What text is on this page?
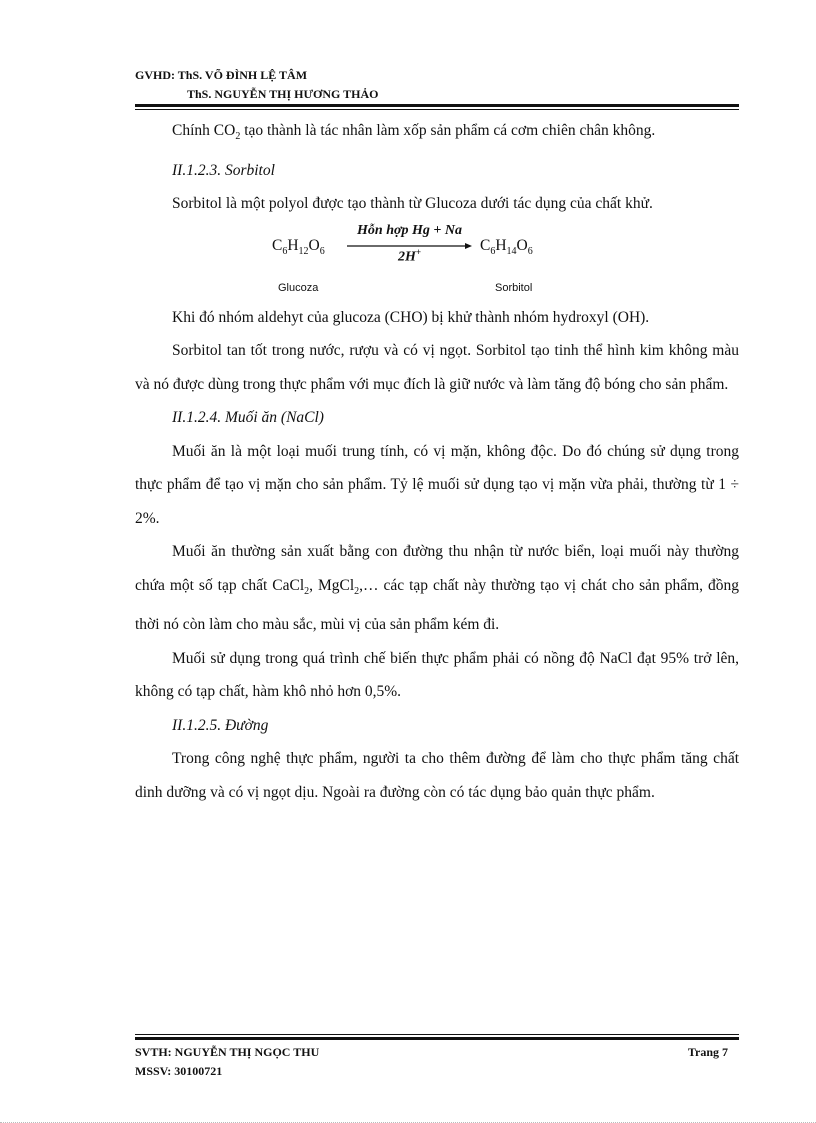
GVHD: ThS. VÕ ĐÌNH LỆ TÂM
ThS. NGUYỄN THỊ HƯƠNG THẢO

Chính $CO_2$ tạo thành là tác nhân làm xốp sản phẩm cá cơm chiên chân không.

II.1.2.3. Sorbitol

Sorbitol là một polyol được tạo thành từ Glucoza dưới tác dụng của chất khử.

$C_6H_{12}O_6$
Hỗn hợp Hg + Na
2H+	$C_6H_{14}O_6$
Glucoza	Sorbitol

Khi đó nhóm aldehyt của glucoza (CHO) bị khử thành nhóm hydroxyl (OH).

Sorbitol tan tốt trong nước, rượu và có vị ngọt. Sorbitol tạo tinh thể hình kim không màu và nó được dùng trong thực phẩm với mục đích là giữ nước và làm tăng độ bóng cho sản phẩm.

II.1.2.4. Muối ăn (NaCl)

Muối ăn là một loại muối trung tính, có vị mặn, không độc. Do đó chúng sử dụng trong thực phẩm để tạo vị mặn cho sản phẩm. Tỷ lệ muối sử dụng tạo vị mặn vừa phải, thường từ 1 ÷ 2%.

Muối ăn thường sản xuất bằng con đường thu nhận từ nước biển, loại muối này thường chứa một số tạp chất CaCl$_2$, MgCl$_2$,… các tạp chất này thường tạo vị chát cho sản phẩm, đồng thời nó còn làm cho màu sắc, mùi vị của sản phẩm kém đi.

Muối sử dụng trong quá trình chế biến thực phẩm phải có nồng độ NaCl đạt 95% trở lên, không có tạp chất, hàm khô nhỏ hơn 0,5%.

II.1.2.5. Đường

Trong công nghệ thực phẩm, người ta cho thêm đường để làm cho thực phẩm tăng chất dinh dưỡng và có vị ngọt dịu. Ngoài ra đường còn có tác dụng bảo quản thực phẩm.

SVTH: NGUYỄN THỊ NGỌC THU
MSSV: 30100721
Trang 7
